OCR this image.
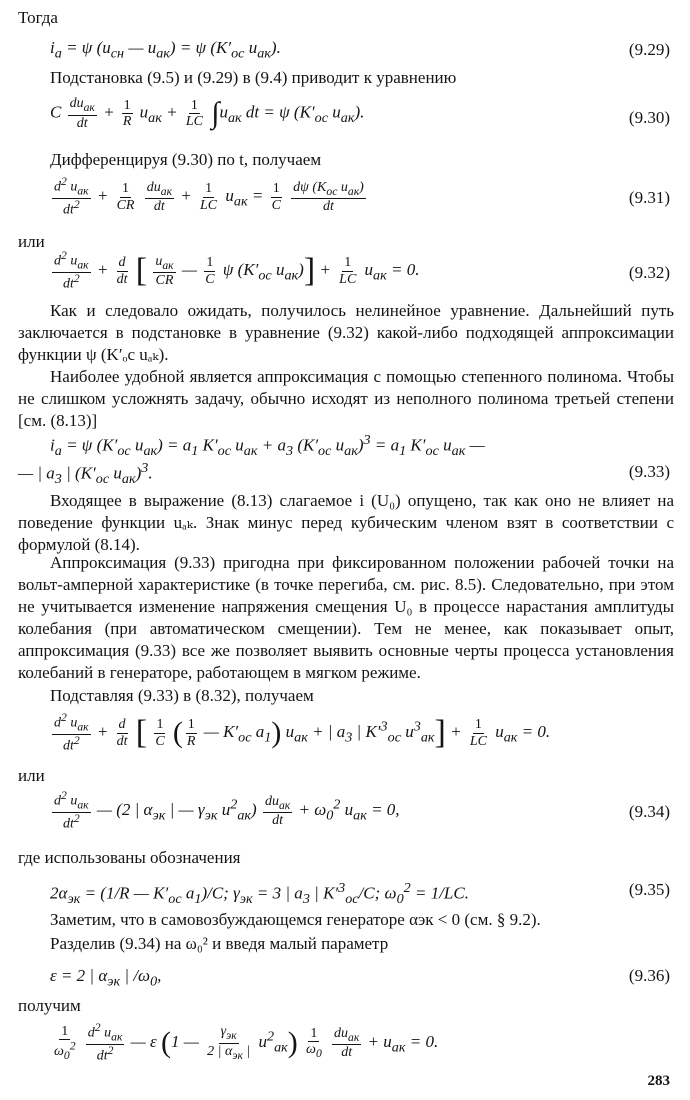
Тогда
$i_а = \psi$ ($u_{сн}$ — $u_{ак}) = \psi$ ($K'_{ос}$ $u_{ак}$).	(9.29)
Подстановка (9.5) и (9.29) в (9.4) приводит к уравнению
C $\frac{du_{ак}}{dt} + \frac{1}{R} u_{ак} + \frac{1}{LC} \int u_{ак}$ dt = ψ ($K'_{ос}$ $u_{ак}$).	(9.30)
Дифференцируя (9.30) по t, получаем
$\frac{d^2 u_{ак}}{dt^2} + \frac{1}{CR}$
$\frac{du_{ак}}{dt} + \frac{1}{LC} u_{ак} = \frac{1}{C}$
$\frac{d\psi (K_{ос} u_{ак})}{dt}$	(9.31)
или
$\frac{d^2 u_{ак}}{dt^2} + \frac{d}{dt}$ [ $\frac{u_{ак}}{CR}$ — $\frac{1}{C}$ ψ ($K'_{ос}$ $u_{ак})] + \frac{1}{LC} u_{ак} = 0$.	(9.32)
Как и следовало ожидать, получилось нелинейное уравнение. Дальнейший путь заключается в подстановке в уравнение (9.32) какой-либо подходящей аппроксимации функции ψ (K′ₒc uₐₖ).
Наиболее удобной является аппроксимация с помощью степенного полинома. Чтобы не слишком усложнять задачу, обычно исходят из неполного полинома третьей степени [см. (8.13)]
$i_а = \psi$ ($K'_{ос}$ $u_{ак}) = a_1$ $K'_{ос}$ $u_{ак} + a_3$ ($K'_{ос}$ $u_{ак})^3 = a_1$ $K'_{ос}$ $u_{ак}$ —
— | $a_3$ | ($K'_{ос}$ $u_{ак})^3$.	(9.33)
Входящее в выражение (8.13) слагаемое i (U₀) опущено, так как оно не влияет на поведение функции uₐₖ. Знак минус перед кубическим членом взят в соответствии с формулой (8.14).
Аппроксимация (9.33) пригодна при фиксированном положении рабочей точки на вольт-амперной характеристике (в точке перегиба, см. рис. 8.5). Следовательно, при этом не учитывается изменение напряжения смещения U₀ в процессе нарастания амплитуды колебания (при автоматическом смещении). Тем не менее, как показывает опыт, аппроксимация (9.33) все же позволяет выявить основные черты процесса установления колебаний в генераторе, работающем в мягком режиме.
Подставляя (9.33) в (8.32), получаем
$\frac{d^2 u_{ак}}{dt^2} + \frac{d}{dt}$ [ $\frac{1}{C}$ ( $\frac{1}{R}$ — $K'_{ос}$ $a_1$) $u_{ак}$ + | $a_3$ | $K'^3_{ос}$ $u^3_{ак}] + \frac{1}{LC} u_{ак} = 0$.
или
$\frac{d^2 u_{ак}}{dt^2}$ — (2 | $\alpha_{эк}$ | — $\gamma_{эк}$ $u^2_{ак}) \frac{du_{ак}}{dt} + \omega_0^2$ $u_{ак} = 0$,	(9.34)
где использованы обозначения
$2\alpha_{эк} = (1/R$ — $K'_{ос}$ $a_1)/C$; $\gamma_{эк} = 3$ | $a_3$ | $K'^3_{ос}/C$; $\omega_0^2 = 1/LC$.	(9.35)
Заметим, что в самовозбуждающемся генераторе αэк < 0 (см. § 9.2).
Разделив (9.34) на ω₀² и введя малый параметр
ε = 2 | $\alpha_{эк}$ | $/\omega_0$,	(9.36)
получим
$\frac{1}{\omega_0^2}$
$\frac{d^2 u_{ак}}{dt^2}$ — ε (1 — $\frac{\gamma_{эк}}{2 | \alpha_{эк} |} u^2_{ак}) \frac{1}{\omega_0}$
$\frac{du_{ак}}{dt} + u_{ак} = 0$.
283
